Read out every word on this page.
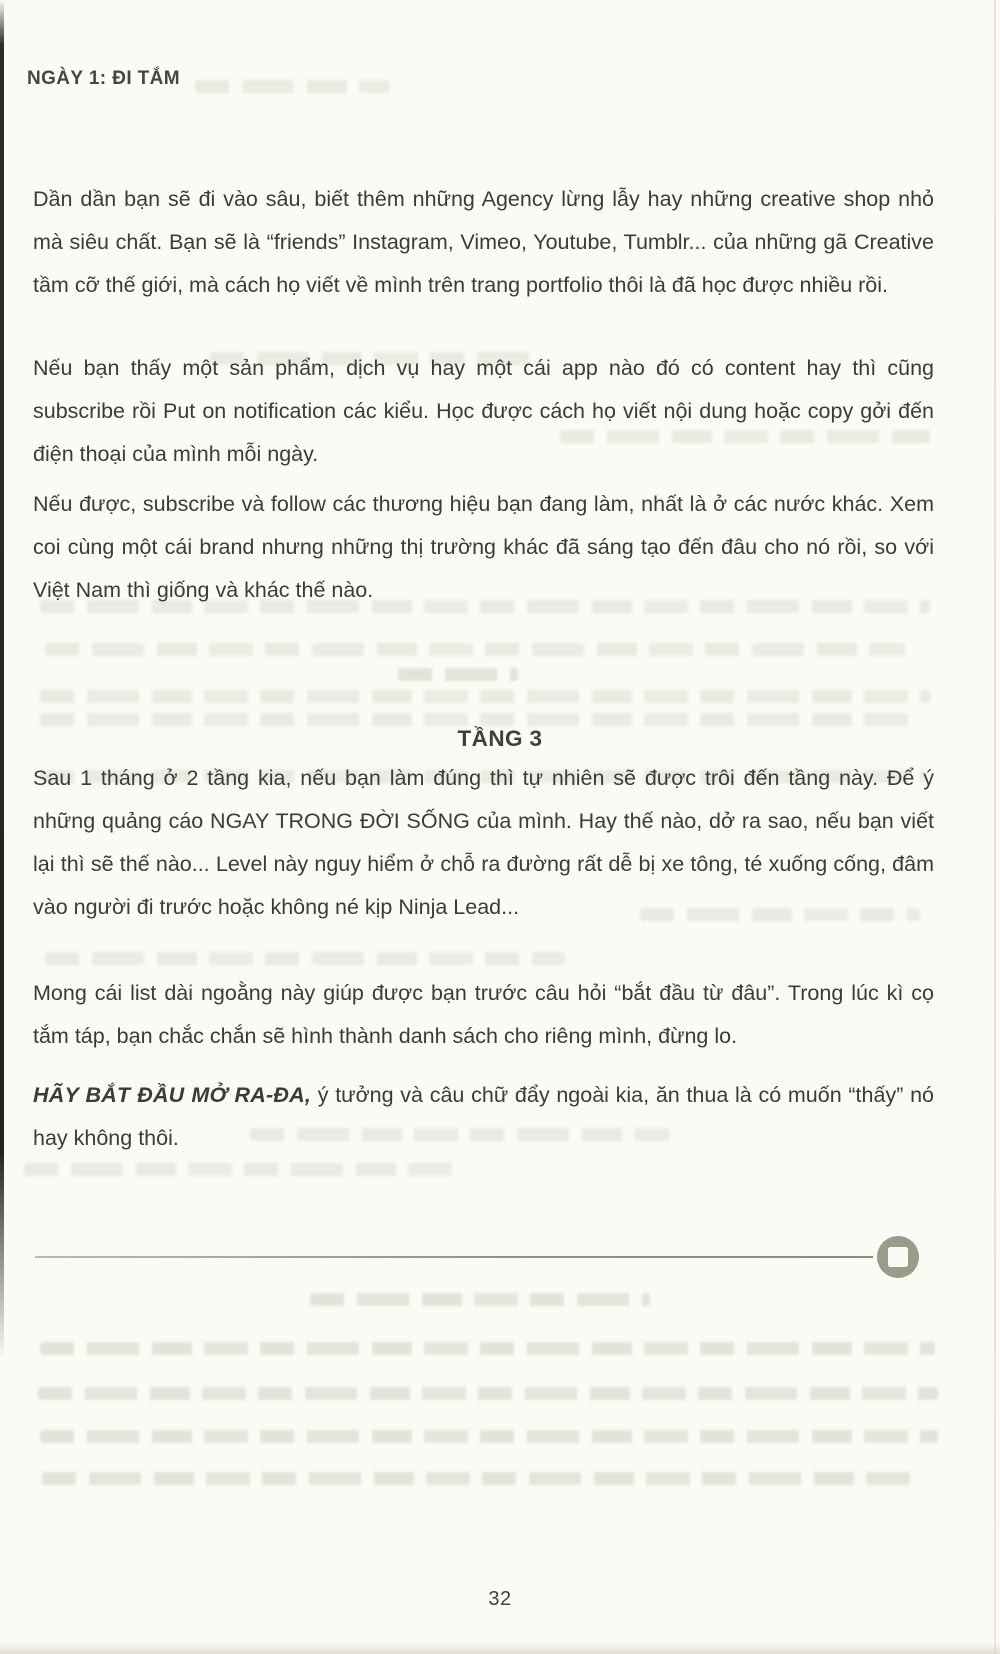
NGÀY 1: ĐI TẮM

Dần dần bạn sẽ đi vào sâu, biết thêm những Agency lừng lẫy hay những creative shop nhỏ mà siêu chất. Bạn sẽ là “friends” Instagram, Vimeo, Youtube, Tumblr... của những gã Creative tầm cỡ thế giới, mà cách họ viết về mình trên trang portfolio thôi là đã học được nhiều rồi.

Nếu bạn thấy một sản phẩm, dịch vụ hay một cái app nào đó có content hay thì cũng subscribe rồi Put on notification các kiểu. Học được cách họ viết nội dung hoặc copy gởi đến điện thoại của mình mỗi ngày.

Nếu được, subscribe và follow các thương hiệu bạn đang làm, nhất là ở các nước khác. Xem coi cùng một cái brand nhưng những thị trường khác đã sáng tạo đến đâu cho nó rồi, so với Việt Nam thì giống và khác thế nào.

TẦNG 3

Sau 1 tháng ở 2 tầng kia, nếu bạn làm đúng thì tự nhiên sẽ được trôi đến tầng này. Để ý những quảng cáo NGAY TRONG ĐỜI SỐNG của mình. Hay thế nào, dở ra sao, nếu bạn viết lại thì sẽ thế nào... Level này nguy hiểm ở chỗ ra đường rất dễ bị xe tông, té xuống cống, đâm vào người đi trước hoặc không né kịp Ninja Lead...

Mong cái list dài ngoằng này giúp được bạn trước câu hỏi “bắt đầu từ đâu”. Trong lúc kì cọ tắm táp, bạn chắc chắn sẽ hình thành danh sách cho riêng mình, đừng lo.

HÃY BẮT ĐẦU MỞ RA-ĐA, ý tưởng và câu chữ đẩy ngoài kia, ăn thua là có muốn “thấy” nó hay không thôi.

32
